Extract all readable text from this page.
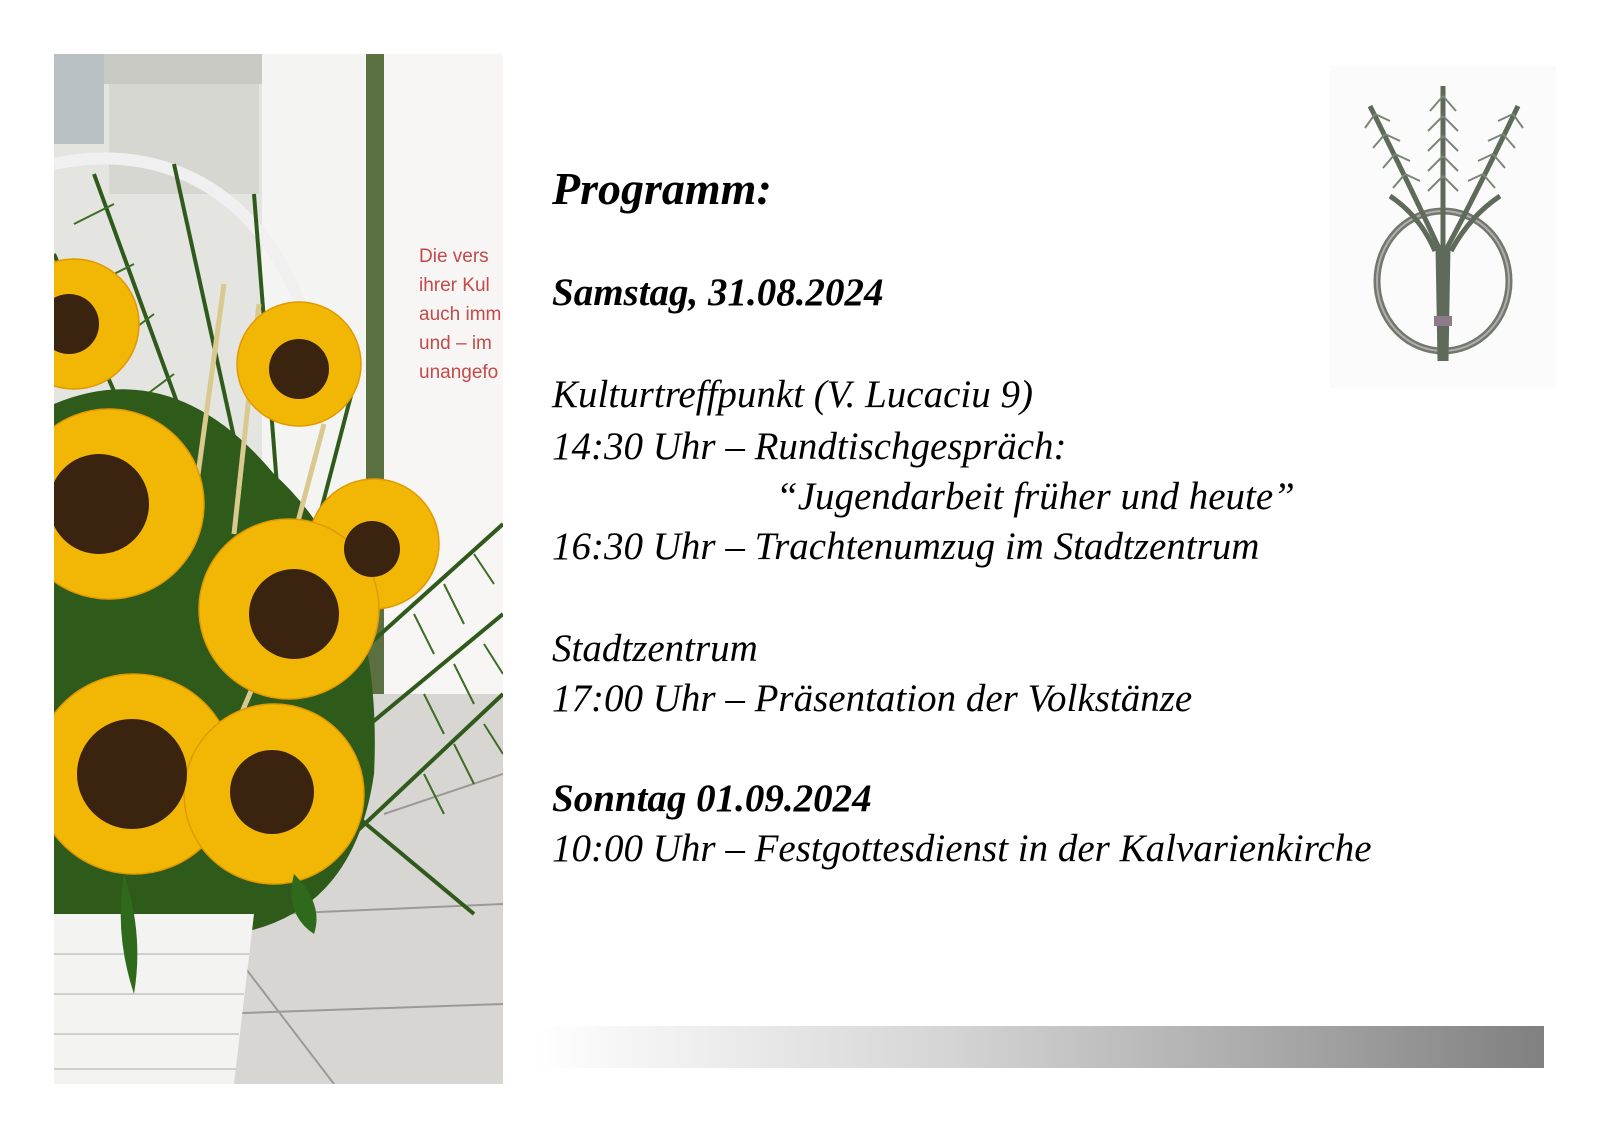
Die vers
ihrer Kul
auch imm
und – im
unangefo
Programm:
Samstag, 31.08.2024
Kulturtreffpunkt (V. Lucaciu 9)
14:30 Uhr – Rundtischgespräch:
“Jugendarbeit früher und heute”
16:30 Uhr – Trachtenumzug im Stadtzentrum
Stadtzentrum
17:00 Uhr – Präsentation der Volkstänze
Sonntag 01.09.2024
10:00 Uhr – Festgottesdienst in der Kalvarienkirche
